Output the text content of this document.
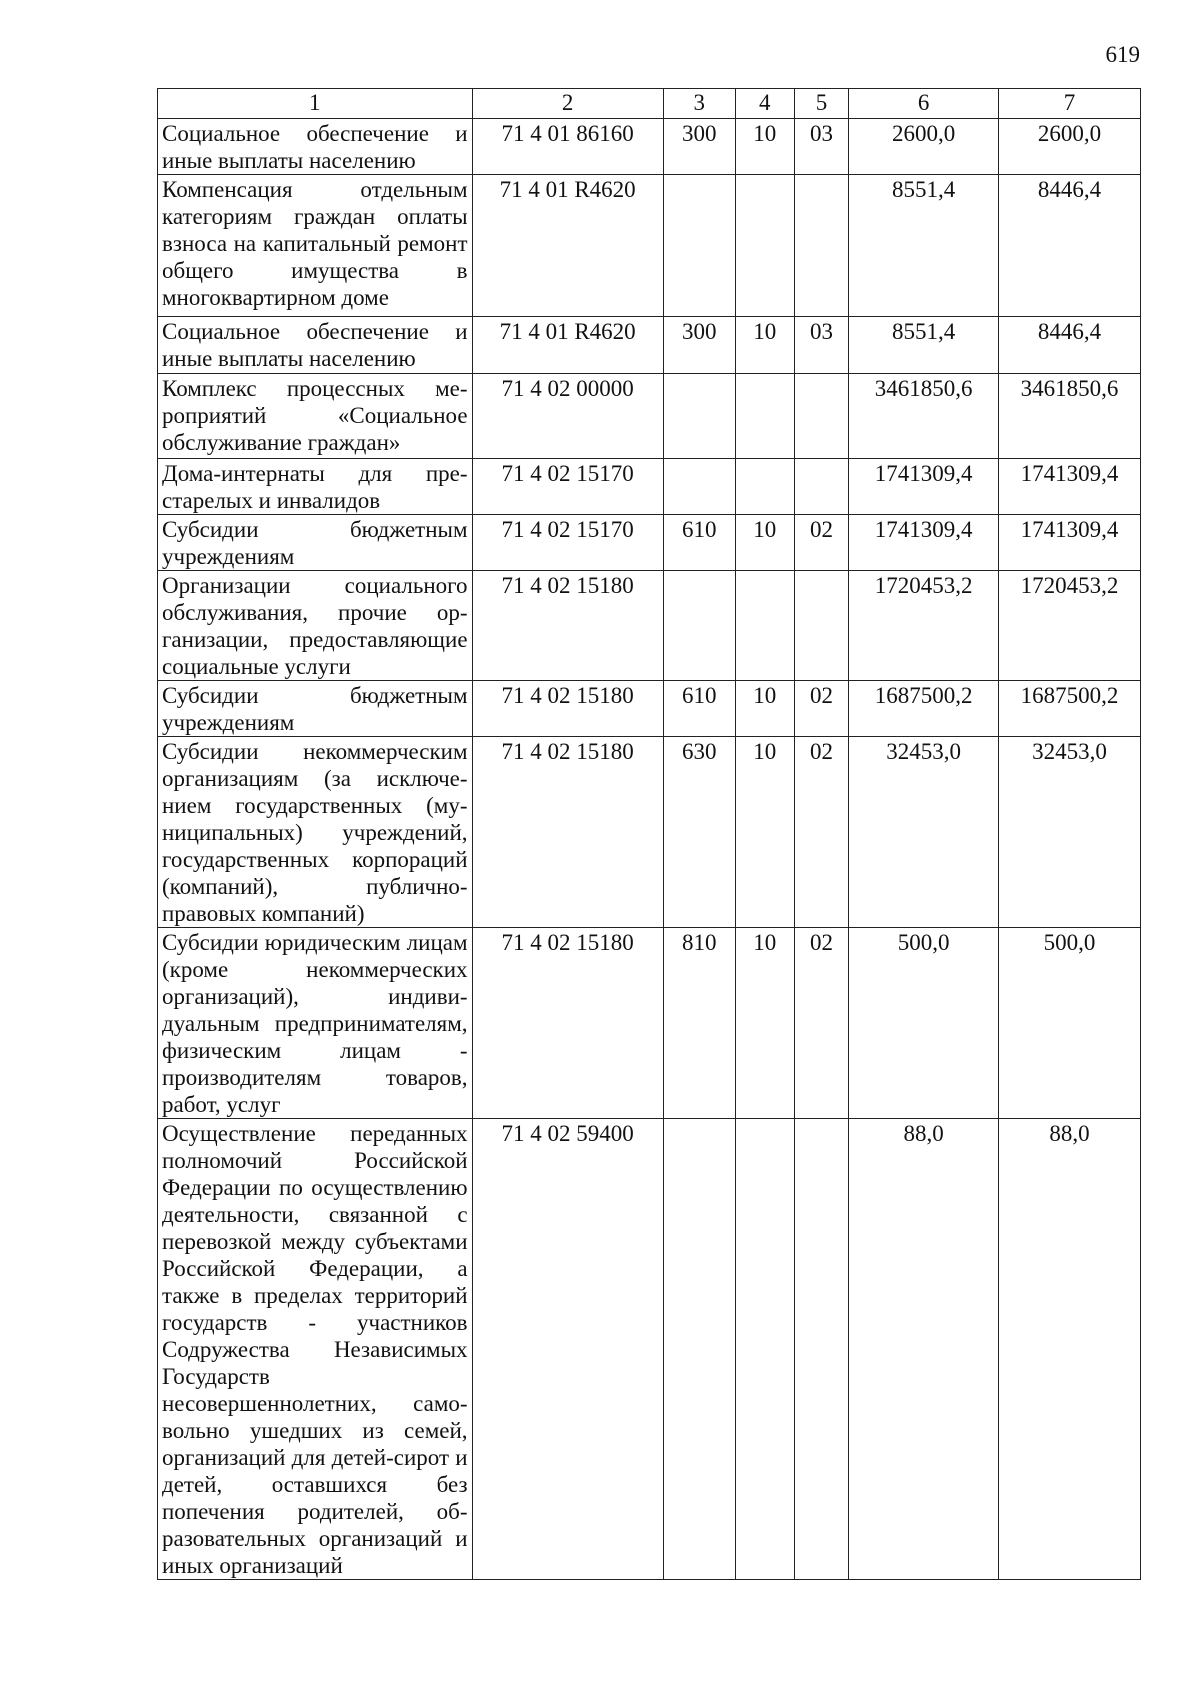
619
1	2	3	4	5	6	7
Социальное обеспечение и иные выплаты населению	71 4 01 86160	300	10	03	2600,0	2600,0
Компенсация отдельным категориям граждан оплаты взноса на капитальный ремонт общего имущества в многоквартирном доме	71 4 01 R4620				8551,4	8446,4
Социальное обеспечение и иные выплаты населению	71 4 01 R4620	300	10	03	8551,4	8446,4
Комплекс процессных мероприятий «Социальное обслуживание граждан»	71 4 02 00000				3461850,6	3461850,6
Дома-интернаты для престарелых и инвалидов	71 4 02 15170				1741309,4	1741309,4
Субсидии бюджетным учреждениям	71 4 02 15170	610	10	02	1741309,4	1741309,4
Организации социального обслуживания, прочие организации, предоставляющие социальные услуги	71 4 02 15180				1720453,2	1720453,2
Субсидии бюджетным учреждениям	71 4 02 15180	610	10	02	1687500,2	1687500,2
Субсидии некоммерческим организациям (за исключением государственных (муниципальных) учреждений, государственных корпораций (компаний), публично-правовых компаний)	71 4 02 15180	630	10	02	32453,0	32453,0
Субсидии юридическим лицам (кроме некоммерческих организаций), индивидуальным предпринимателям, физическим лицам - производителям товаров, работ, услуг	71 4 02 15180	810	10	02	500,0	500,0
Осуществление переданных полномочий Российской Федерации по осуществлению деятельности, связанной с перевозкой между субъектами Российской Федерации, а также в пределах территорий государств - участников Содружества Независимых Государств несовершеннолетних, самовольно ушедших из семей, организаций для детей-сирот и детей, оставшихся без попечения родителей, образовательных организаций и иных организаций	71 4 02 59400				88,0	88,0
